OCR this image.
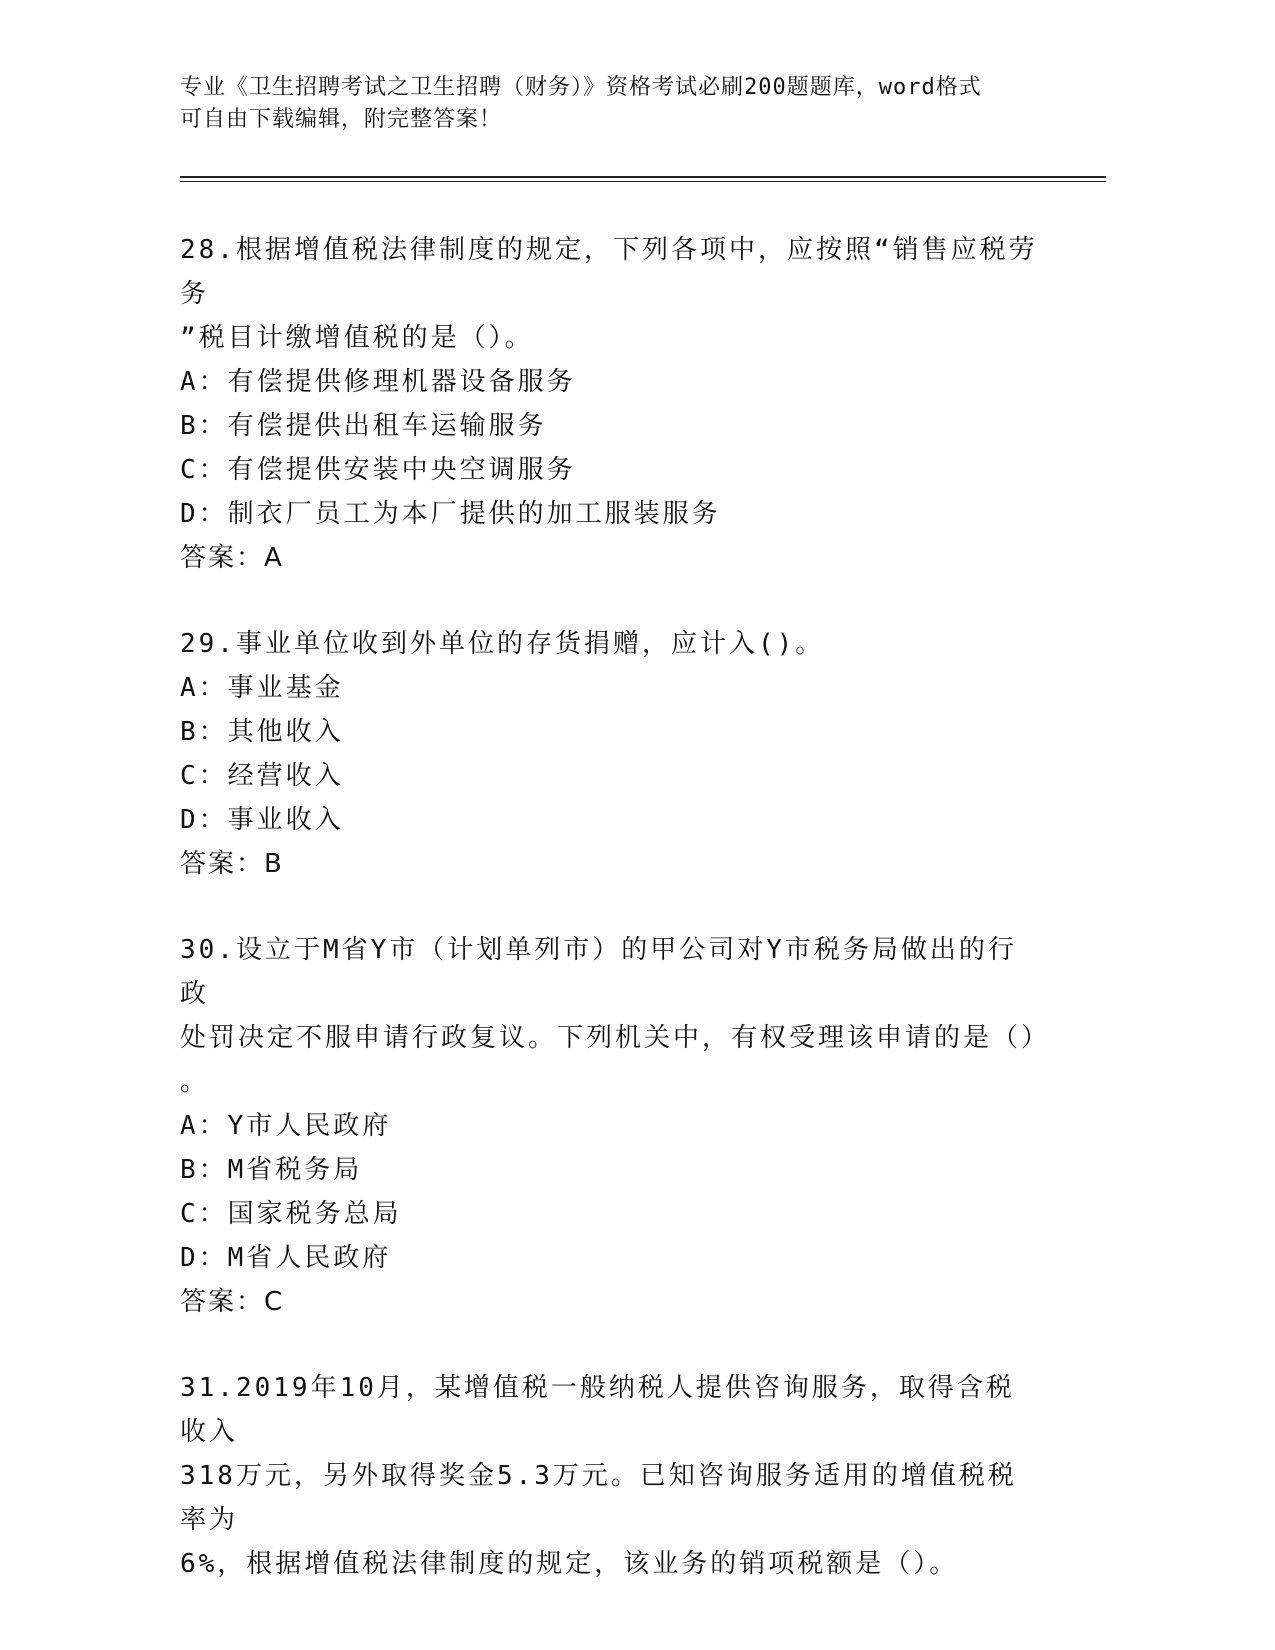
专业《卫生招聘考试之卫生招聘（财务）》资格考试必刷200题题库，word格式
可自由下载编辑，附完整答案！
28.根据增值税法律制度的规定，下列各项中，应按照“销售应税劳务
”税目计缴增值税的是（）。
A：有偿提供修理机器设备服务
B：有偿提供出租车运输服务
C：有偿提供安装中央空调服务
D：制衣厂员工为本厂提供的加工服装服务
答案：A
29.事业单位收到外单位的存货捐赠，应计入()。
A：事业基金
B：其他收入
C：经营收入
D：事业收入
答案：B
30.设立于M省Y市（计划单列市）的甲公司对Y市税务局做出的行政
处罚决定不服申请行政复议。下列机关中，有权受理该申请的是（）
。
A：Y市人民政府
B：M省税务局
C：国家税务总局
D：M省人民政府
答案：C
31.2019年10月，某增值税一般纳税人提供咨询服务，取得含税收入
318万元，另外取得奖金5.3万元。已知咨询服务适用的增值税税率为
6%，根据增值税法律制度的规定，该业务的销项税额是（）。
